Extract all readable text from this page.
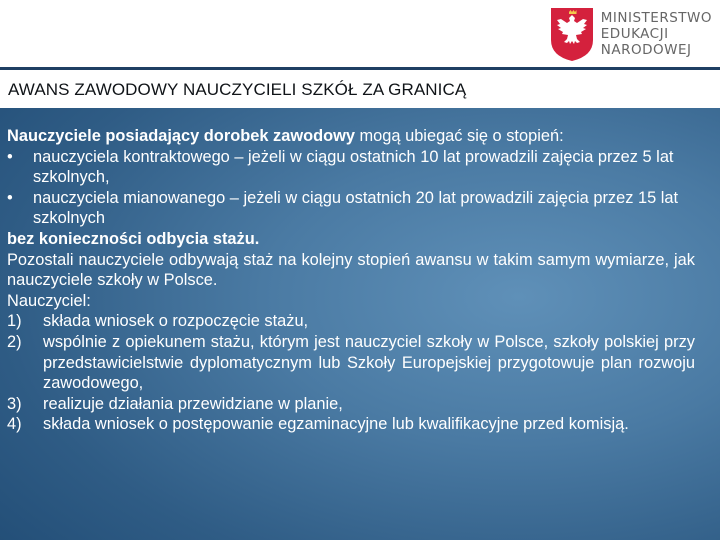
MINISTERSTWO
EDUKACJI
NARODOWEJ
AWANS ZAWODOWY NAUCZYCIELI SZKÓŁ ZA GRANICĄ

Nauczyciele posiadający dorobek zawodowy mogą ubiegać się o stopień:

• nauczyciela kontraktowego – jeżeli w ciągu ostatnich 10 lat prowadzili zajęcia przez 5 lat szkolnych,

• nauczyciela mianowanego – jeżeli w ciągu ostatnich 20 lat prowadzili zajęcia przez 15 lat szkolnych

bez konieczności odbycia stażu.

Pozostali nauczyciele odbywają staż na kolejny stopień awansu w takim samym wymiarze, jak nauczyciele szkoły w Polsce.

Nauczyciel:

1) składa wniosek o rozpoczęcie stażu,

2) wspólnie z opiekunem stażu, którym jest nauczyciel szkoły w Polsce, szkoły polskiej przy przedstawicielstwie dyplomatycznym lub Szkoły Europejskiej przygotowuje plan rozwoju zawodowego,

3) realizuje działania przewidziane w planie,

4) składa wniosek o postępowanie egzaminacyjne lub kwalifikacyjne przed komisją.
